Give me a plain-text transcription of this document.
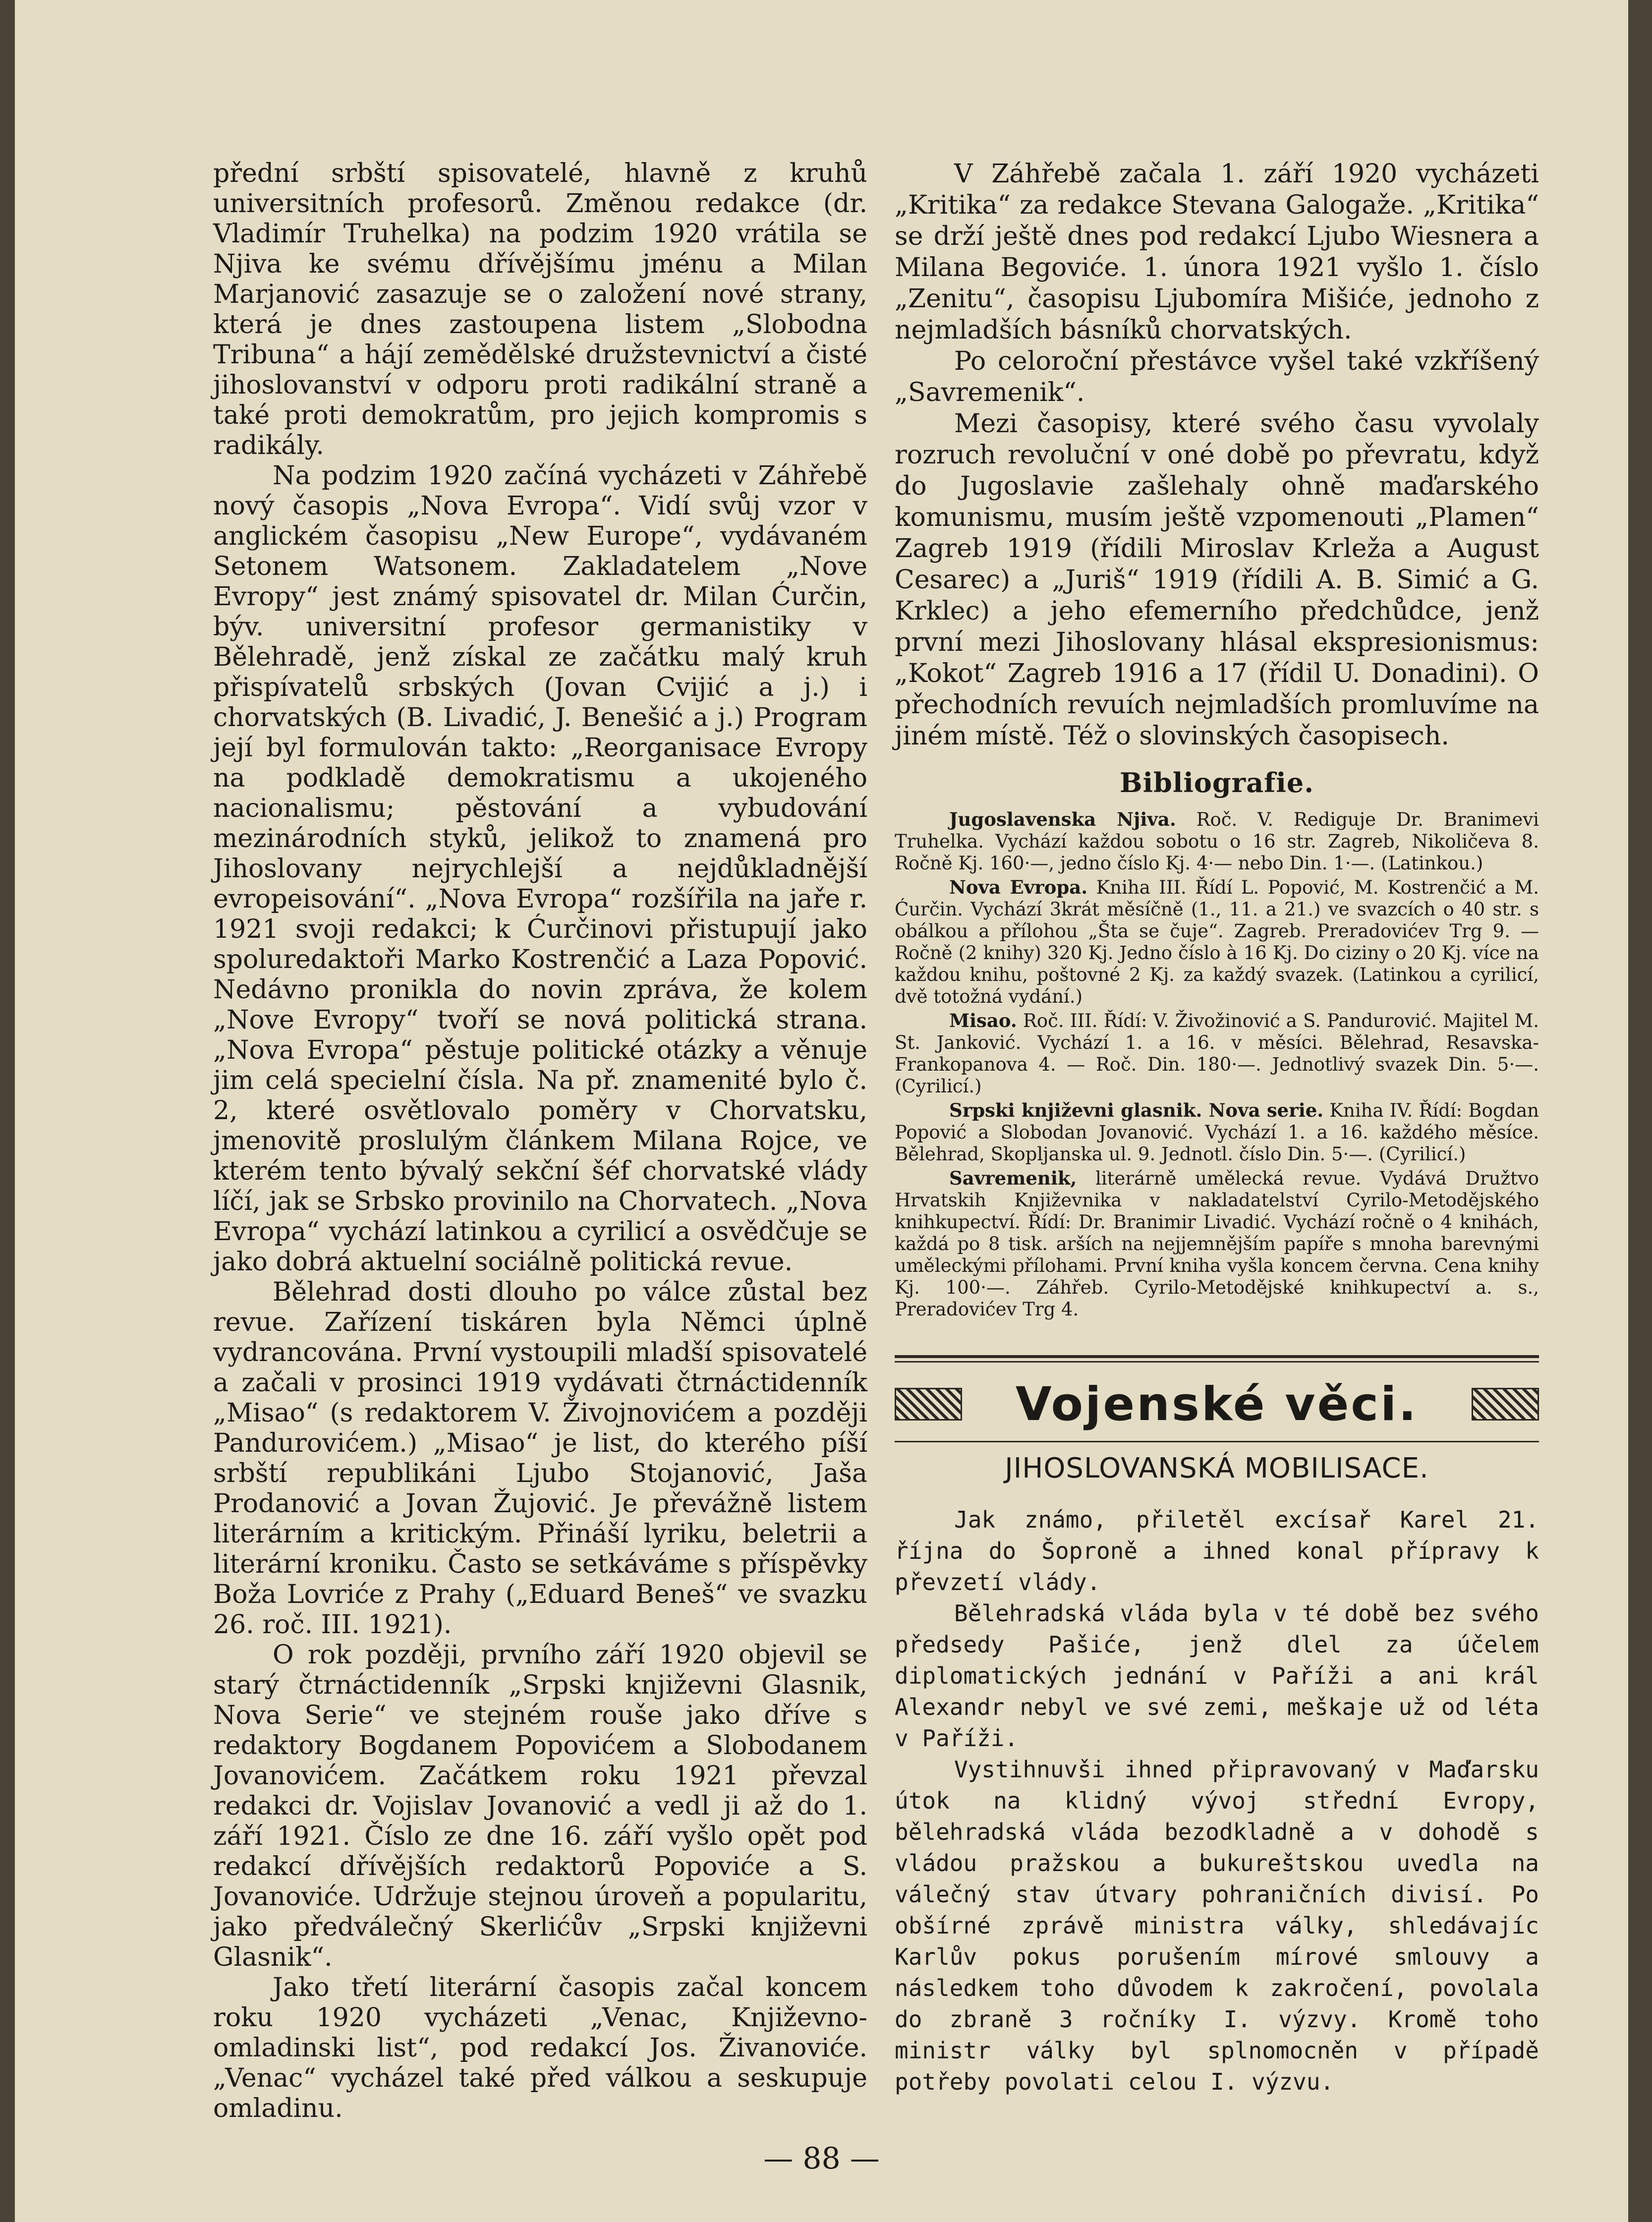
přední srbští spisovatelé, hlavně z kruhů universitních profesorů. Změnou redakce (dr. Vladimír Truhelka) na podzim 1920 vrátila se Njiva ke svému dřívějšímu jménu a Milan Marjanović zasazuje se o založení nové strany, která je dnes zastoupena listem „Slobodna Tribuna“ a hájí zemědělské družstevnictví a čisté jihoslovanství v odporu proti radikální straně a také proti demokratům, pro jejich kompromis s radikály.

Na podzim 1920 začíná vycházeti v Záhřebě nový časopis „Nova Evropa“. Vidí svůj vzor v anglickém časopisu „New Europe“, vydávaném Setonem Watsonem. Zakladatelem „Nove Evropy“ jest známý spisovatel dr. Milan Ćurčin, býv. universitní profesor germanistiky v Bělehradě, jenž získal ze začátku malý kruh přispívatelů srbských (Jovan Cvijić a j.) i chorvatských (B. Livadić, J. Benešić a j.) Program její byl formulován takto: „Reorganisace Evropy na podkladě demokratismu a ukojeného nacionalismu; pěstování a vybudování mezinárodních styků, jelikož to znamená pro Jihoslovany nejrychlejší a nejdůkladnější evropeisování“. „Nova Evropa“ rozšířila na jaře r. 1921 svoji redakci; k Ćurčinovi přistupují jako spoluredaktoři Marko Kostrenčić a Laza Popović. Nedávno pronikla do novin zpráva, že kolem „Nove Evropy“ tvoří se nová politická strana. „Nova Evropa“ pěstuje politické otázky a věnuje jim celá specielní čísla. Na př. znamenité bylo č. 2, které osvětlovalo poměry v Chorvatsku, jmenovitě proslulým článkem Milana Rojce, ve kterém tento bývalý sekční šéf chorvatské vlády líčí, jak se Srbsko provinilo na Chorvatech. „Nova Evropa“ vychází latinkou a cyrilicí a osvědčuje se jako dobrá aktuelní sociálně politická revue.

Bělehrad dosti dlouho po válce zůstal bez revue. Zařízení tiskáren byla Němci úplně vydrancována. První vystoupili mladší spisovatelé a začali v prosinci 1919 vydávati čtrnáctidenník „Misao“ (s redaktorem V. Živojnovićem a později Pandurovićem.) „Misao“ je list, do kterého píší srbští republikáni Ljubo Stojanović, Jaša Prodanović a Jovan Žujović. Je převážně listem literárním a kritickým. Přináší lyriku, beletrii a literární kroniku. Často se setkáváme s příspěvky Boža Lovriće z Prahy („Eduard Beneš“ ve svazku 26. roč. III. 1921).

O rok později, prvního září 1920 objevil se starý čtrnáctidenník „Srpski književni Glasnik, Nova Serie“ ve stejném rouše jako dříve s redaktory Bogdanem Popovićem a Slobodanem Jovanovićem. Začátkem roku 1921 převzal redakci dr. Vojislav Jovanović a vedl ji až do 1. září 1921. Číslo ze dne 16. září vyšlo opět pod redakcí dřívějších redaktorů Popoviće a S. Jovanoviće. Udržuje stejnou úroveň a popularitu, jako předválečný Skerlićův „Srpski književni Glasnik“.

Jako třetí literární časopis začal koncem roku 1920 vycházeti „Venac, Književno-omladinski list“, pod redakcí Jos. Živanoviće. „Venac“ vycházel také před válkou a seskupuje omladinu.

V Záhřebě začala 1. září 1920 vycházeti „Kritika“ za redakce Stevana Galogaže. „Kritika“ se drží ještě dnes pod redakcí Ljubo Wiesnera a Milana Begoviće. 1. února 1921 vyšlo 1. číslo „Zenitu“, časopisu Ljubomíra Mišiće, jednoho z nejmladších básníků chorvatských.

Po celoroční přestávce vyšel také vzkříšený „Savremenik“.

Mezi časopisy, které svého času vyvolaly rozruch revoluční v oné době po převratu, když do Jugoslavie zašlehaly ohně maďarského komunismu, musím ještě vzpomenouti „Plamen“ Zagreb 1919 (řídili Miroslav Krleža a August Cesarec) a „Juriš“ 1919 (řídili A. B. Simić a G. Krklec) a jeho efemerního předchůdce, jenž první mezi Jihoslovany hlásal ekspresionismus: „Kokot“ Zagreb 1916 a 17 (řídil U. Donadini). O přechodních revuích nejmladších promluvíme na jiném místě. Též o slovinských časopisech.

Bibliografie.

Jugoslavenska Njiva. Roč. V. Rediguje Dr. Branimevi Truhelka. Vychází každou sobotu o 16 str. Zagreb, Nikoličeva 8. Ročně Kj. 160·—, jedno číslo Kj. 4·— nebo Din. 1·—. (Latinkou.)

Nova Evropa. Kniha III. Řídí L. Popović, M. Kostrenčić a M. Ćurčin. Vychází 3krát měsíčně (1., 11. a 21.) ve svazcích o 40 str. s obálkou a přílohou „Šta se čuje“. Zagreb. Preradovićev Trg 9. — Ročně (2 knihy) 320 Kj. Jedno číslo à 16 Kj. Do ciziny o 20 Kj. více na každou knihu, poštovné 2 Kj. za každý svazek. (Latinkou a cyrilicí, dvě totožná vydání.)

Misao. Roč. III. Řídí: V. Živožinović a S. Pandurović. Majitel M. St. Janković. Vychází 1. a 16. v měsíci. Bělehrad, Resavska-Frankopanova 4. — Roč. Din. 180·—. Jednotlivý svazek Din. 5·—. (Cyrilicí.)

Srpski književni glasnik. Nova serie. Kniha IV. Řídí: Bogdan Popović a Slobodan Jovanović. Vychází 1. a 16. každého měsíce. Bělehrad, Skopljanska ul. 9. Jednotl. číslo Din. 5·—. (Cyrilicí.)

Savremenik, literárně umělecká revue. Vydává Družtvo Hrvatskih Književnika v nakladatelství Cyrilo-Metodějského knihkupectví. Řídí: Dr. Branimir Livadić. Vychází ročně o 4 knihách, každá po 8 tisk. arších na nejjemnějším papíře s mnoha barevnými uměleckými přílohami. První kniha vyšla koncem června. Cena knihy Kj. 100·—. Záhřeb. Cyrilo-Metodějské knihkupectví a. s., Preradovićev Trg 4.

Vojenské věci.
JIHOSLOVANSKÁ MOBILISACE.

Jak známo, přiletěl excísař Karel 21. října do Šoproně a ihned konal přípravy k převzetí vlády.

Bělehradská vláda byla v té době bez svého předsedy Pašiće, jenž dlel za účelem diplomatických jednání v Paříži a ani král Alexandr nebyl ve své zemi, meškaje už od léta v Paříži.

Vystihnuvši ihned připravovaný v Maďarsku útok na klidný vývoj střední Evropy, bělehradská vláda bezodkladně a v dohodě s vládou pražskou a bukureštskou uvedla na válečný stav útvary pohraničních divisí. Po obšírné zprávě ministra války, shledávajíc Karlův pokus porušením mírové smlouvy a následkem toho důvodem k zakročení, povolala do zbraně 3 ročníky I. výzvy. Kromě toho ministr války byl splnomocněn v případě potřeby povolati celou I. výzvu.

— 88 —
